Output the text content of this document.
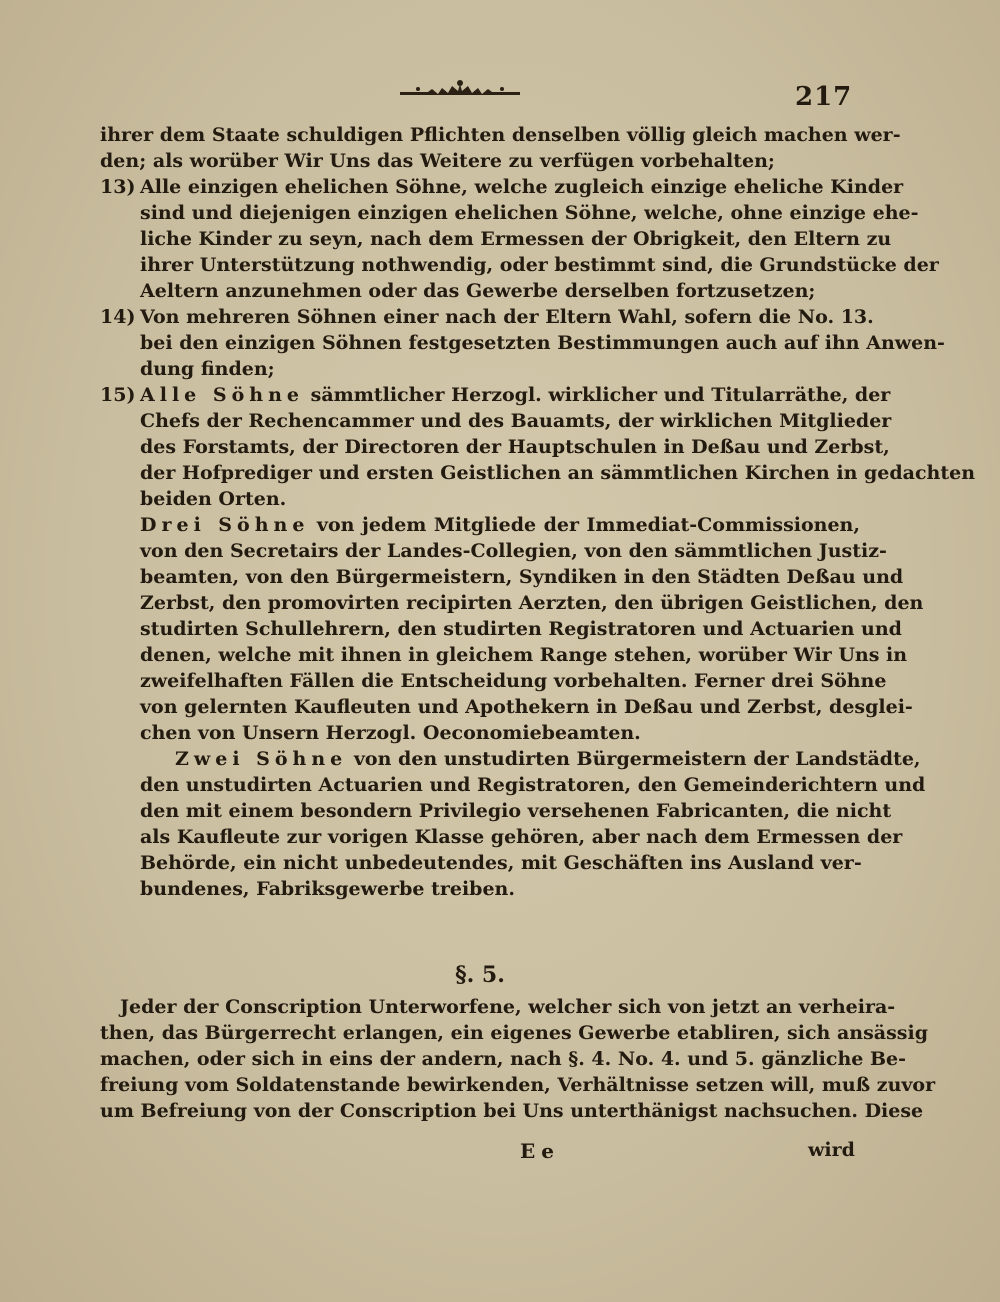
217
ihrer dem Staate schuldigen Pflichten denselben völlig gleich machen wer-
den; als worüber Wir Uns das Weitere zu verfügen vorbehalten;
13) Alle einzigen ehelichen Söhne, welche zugleich einzige eheliche Kinder
sind und diejenigen einzigen ehelichen Söhne, welche, ohne einzige ehe-
liche Kinder zu seyn, nach dem Ermessen der Obrigkeit, den Eltern zu
ihrer Unterstützung nothwendig, oder bestimmt sind, die Grundstücke der
Aeltern anzunehmen oder das Gewerbe derselben fortzusetzen;
14) Von mehreren Söhnen einer nach der Eltern Wahl, sofern die No. 13.
bei den einzigen Söhnen festgesetzten Bestimmungen auch auf ihn Anwen-
dung finden;
15) Alle Söhne sämmtlicher Herzogl. wirklicher und Titularräthe, der
Chefs der Rechencammer und des Bauamts, der wirklichen Mitglieder
des Forstamts, der Directoren der Hauptschulen in Deßau und Zerbst,
der Hofprediger und ersten Geistlichen an sämmtlichen Kirchen in gedachten
beiden Orten.
Drei Söhne von jedem Mitgliede der Immediat-Commissionen,
von den Secretairs der Landes-Collegien, von den sämmtlichen Justiz-
beamten, von den Bürgermeistern, Syndiken in den Städten Deßau und
Zerbst, den promovirten recipirten Aerzten, den übrigen Geistlichen, den
studirten Schullehrern, den studirten Registratoren und Actuarien und
denen, welche mit ihnen in gleichem Range stehen, worüber Wir Uns in
zweifelhaften Fällen die Entscheidung vorbehalten. Ferner drei Söhne
von gelernten Kaufleuten und Apothekern in Deßau und Zerbst, desglei-
chen von Unsern Herzogl. Oeconomiebeamten.
Zwei Söhne von den unstudirten Bürgermeistern der Landstädte,
den unstudirten Actuarien und Registratoren, den Gemeinderichtern und
den mit einem besondern Privilegio versehenen Fabricanten, die nicht
als Kaufleute zur vorigen Klasse gehören, aber nach dem Ermessen der
Behörde, ein nicht unbedeutendes, mit Geschäften ins Ausland ver-
bundenes, Fabriksgewerbe treiben.
§. 5.
Jeder der Conscription Unterworfene, welcher sich von jetzt an verheira-
then, das Bürgerrecht erlangen, ein eigenes Gewerbe etabliren, sich ansässig
machen, oder sich in eins der andern, nach §. 4. No. 4. und 5. gänzliche Be-
freiung vom Soldatenstande bewirkenden, Verhältnisse setzen will, muß zuvor
um Befreiung von der Conscription bei Uns unterthänigst nachsuchen. Diese
Ee	wird
